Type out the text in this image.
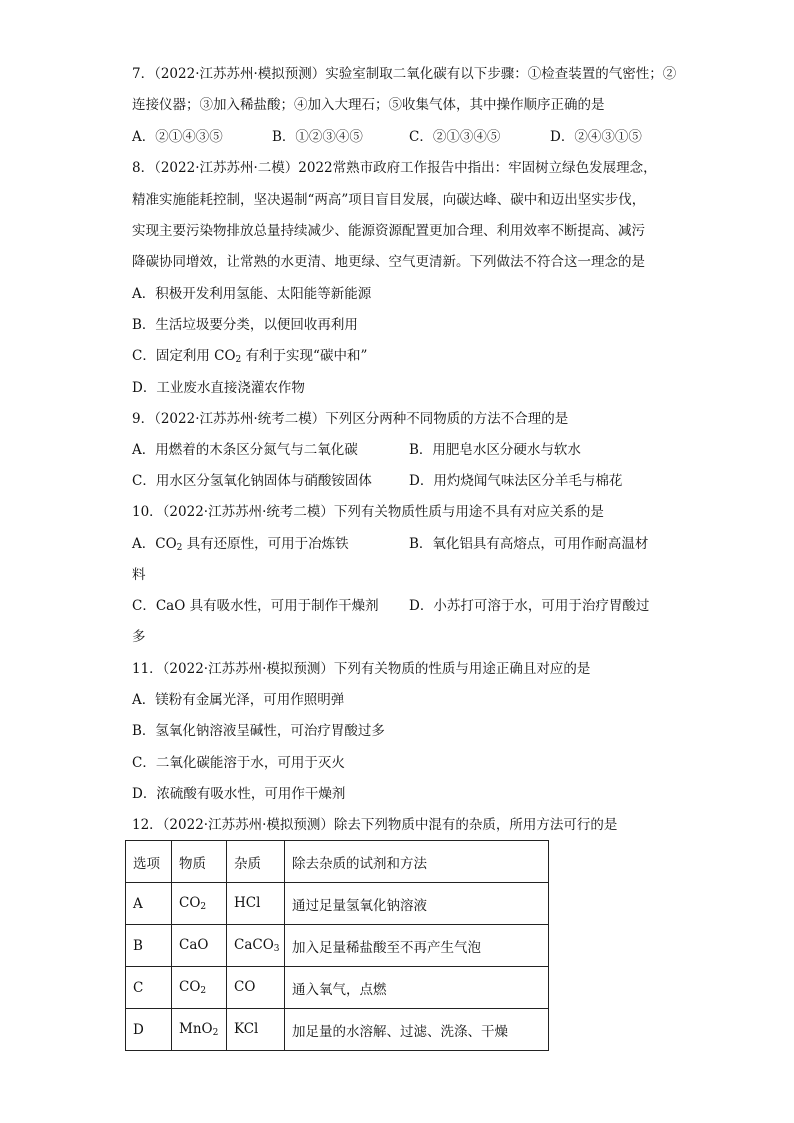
7．（2022·江苏苏州·模拟预测）实验室制取二氧化碳有以下步骤：①检查装置的气密性；②
连接仪器；③加入稀盐酸；④加入大理石；⑤收集气体，其中操作顺序正确的是
A．②①④③⑤	B．①②③④⑤	C．②①③④⑤	D．②④③①⑤
8．（2022·江苏苏州·二模）2022常熟市政府工作报告中指出：牢固树立绿色发展理念，
精准实施能耗控制，坚决遏制“两高”项目盲目发展，向碳达峰、碳中和迈出坚实步伐，
实现主要污染物排放总量持续减少、能源资源配置更加合理、利用效率不断提高、减污
降碳协同增效，让常熟的水更清、地更绿、空气更清新。下列做法不符合这一理念的是
A．积极开发利用氢能、太阳能等新能源
B．生活垃圾要分类，以便回收再利用
C．固定利用 $CO_2$ 有利于实现“碳中和”
D．工业废水直接浇灌农作物
9．（2022·江苏苏州·统考二模）下列区分两种不同物质的方法不合理的是
A．用燃着的木条区分氮气与二氧化碳	B．用肥皂水区分硬水与软水
C．用水区分氢氧化钠固体与硝酸铵固体	D．用灼烧闻气味法区分羊毛与棉花
10．（2022·江苏苏州·统考二模）下列有关物质性质与用途不具有对应关系的是
A．$CO_2$ 具有还原性，可用于冶炼铁	B．氧化铝具有高熔点，可用作耐高温材
料
C．CaO 具有吸水性，可用于制作干燥剂 D．小苏打可溶于水，可用于治疗胃酸过
多
11．（2022·江苏苏州·模拟预测）下列有关物质的性质与用途正确且对应的是
A．镁粉有金属光泽，可用作照明弹
B．氢氧化钠溶液呈碱性，可治疗胃酸过多
C．二氧化碳能溶于水，可用于灭火
D．浓硫酸有吸水性，可用作干燥剂
12．（2022·江苏苏州·模拟预测）除去下列物质中混有的杂质，所用方法可行的是
选项	物质	杂质	除去杂质的试剂和方法
A	$CO_2$	HCl	通过足量氢氧化钠溶液
B	CaO	CaCO$_3$	加入足量稀盐酸至不再产生气泡
C	$CO_2$	CO	通入氧气，点燃
D	MnO$_2$	KCl	加足量的水溶解、过滤、洗涤、干燥
